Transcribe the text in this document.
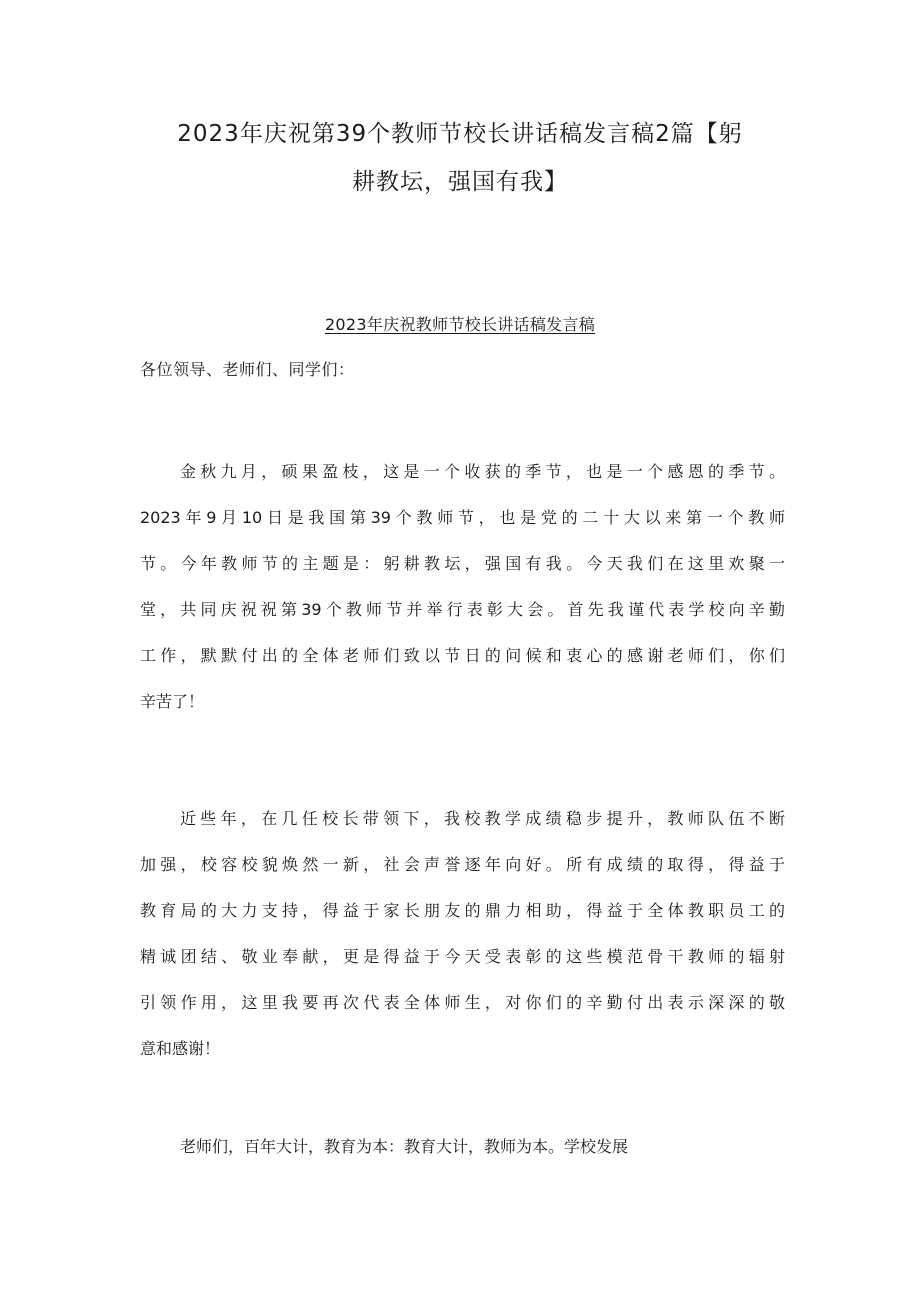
2023年庆祝第39个教师节校长讲话稿发言稿2篇【躬
耕教坛，强国有我】
2023年庆祝教师节校长讲话稿发言稿

各位领导、老师们、同学们：

金秋九月，硕果盈枝，这是一个收获的季节，也是一个感恩的季节。
2023年9月10日是我国第39个教师节，也是党的二十大以来第一个教师
节。今年教师节的主题是：躬耕教坛，强国有我。今天我们在这里欢聚一
堂，共同庆祝祝第39个教师节并举行表彰大会。首先我谨代表学校向辛勤
工作，默默付出的全体老师们致以节日的问候和衷心的感谢老师们，你们
辛苦了！
近些年，在几任校长带领下，我校教学成绩稳步提升，教师队伍不断
加强，校容校貌焕然一新，社会声誉逐年向好。所有成绩的取得，得益于
教育局的大力支持，得益于家长朋友的鼎力相助，得益于全体教职员工的
精诚团结、敬业奉献，更是得益于今天受表彰的这些模范骨干教师的辐射
引领作用，这里我要再次代表全体师生，对你们的辛勤付出表示深深的敬
意和感谢！
老师们，百年大计，教育为本：教育大计，教师为本。学校发展
